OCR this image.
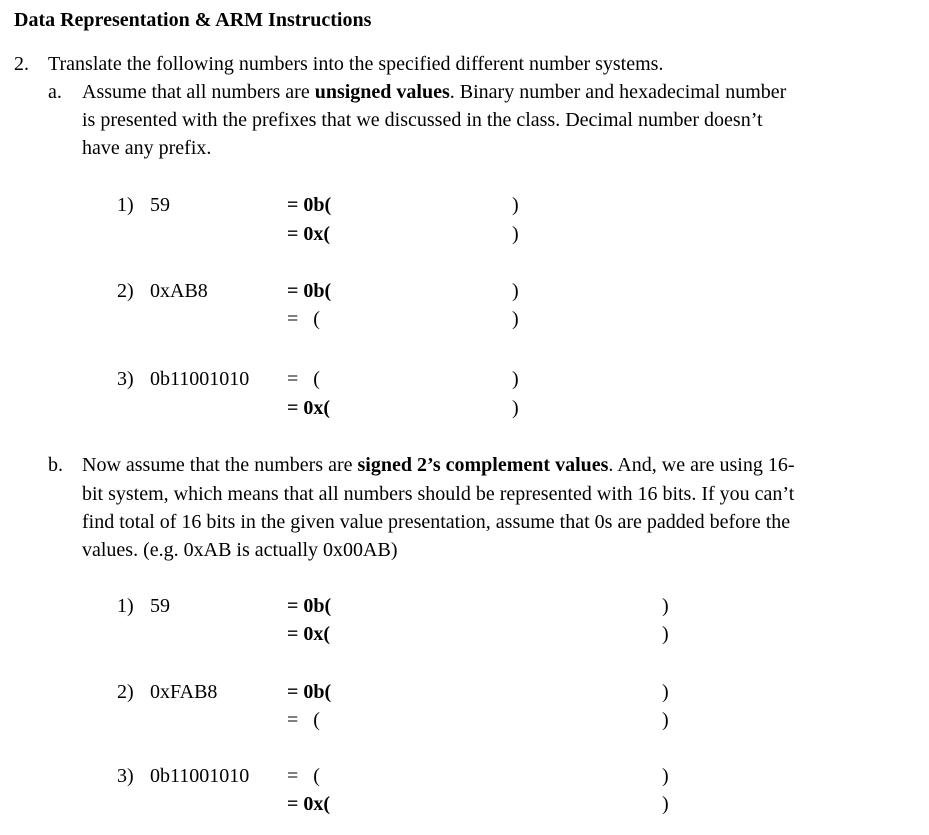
Data Representation & ARM Instructions
2. Translate the following numbers into the specified different number systems.
a. Assume that all numbers are unsigned values. Binary number and hexadecimal number
is presented with the prefixes that we discussed in the class. Decimal number doesn’t
have any prefix.
1) 59	= 0b(	)
= 0x(	)
2) 0xAB8	= 0b(	)
=   (	)
3) 0b11001010 =   (	)
= 0x(	)
b. Now assume that the numbers are signed 2’s complement values. And, we are using 16-
bit system, which means that all numbers should be represented with 16 bits. If you can’t
find total of 16 bits in the given value presentation, assume that 0s are padded before the
values. (e.g. 0xAB is actually 0x00AB)
1) 59	= 0b(	)
= 0x(	)
2) 0xFAB8	= 0b(	)
=   (	)
3) 0b11001010 =   (	)
= 0x(	)
